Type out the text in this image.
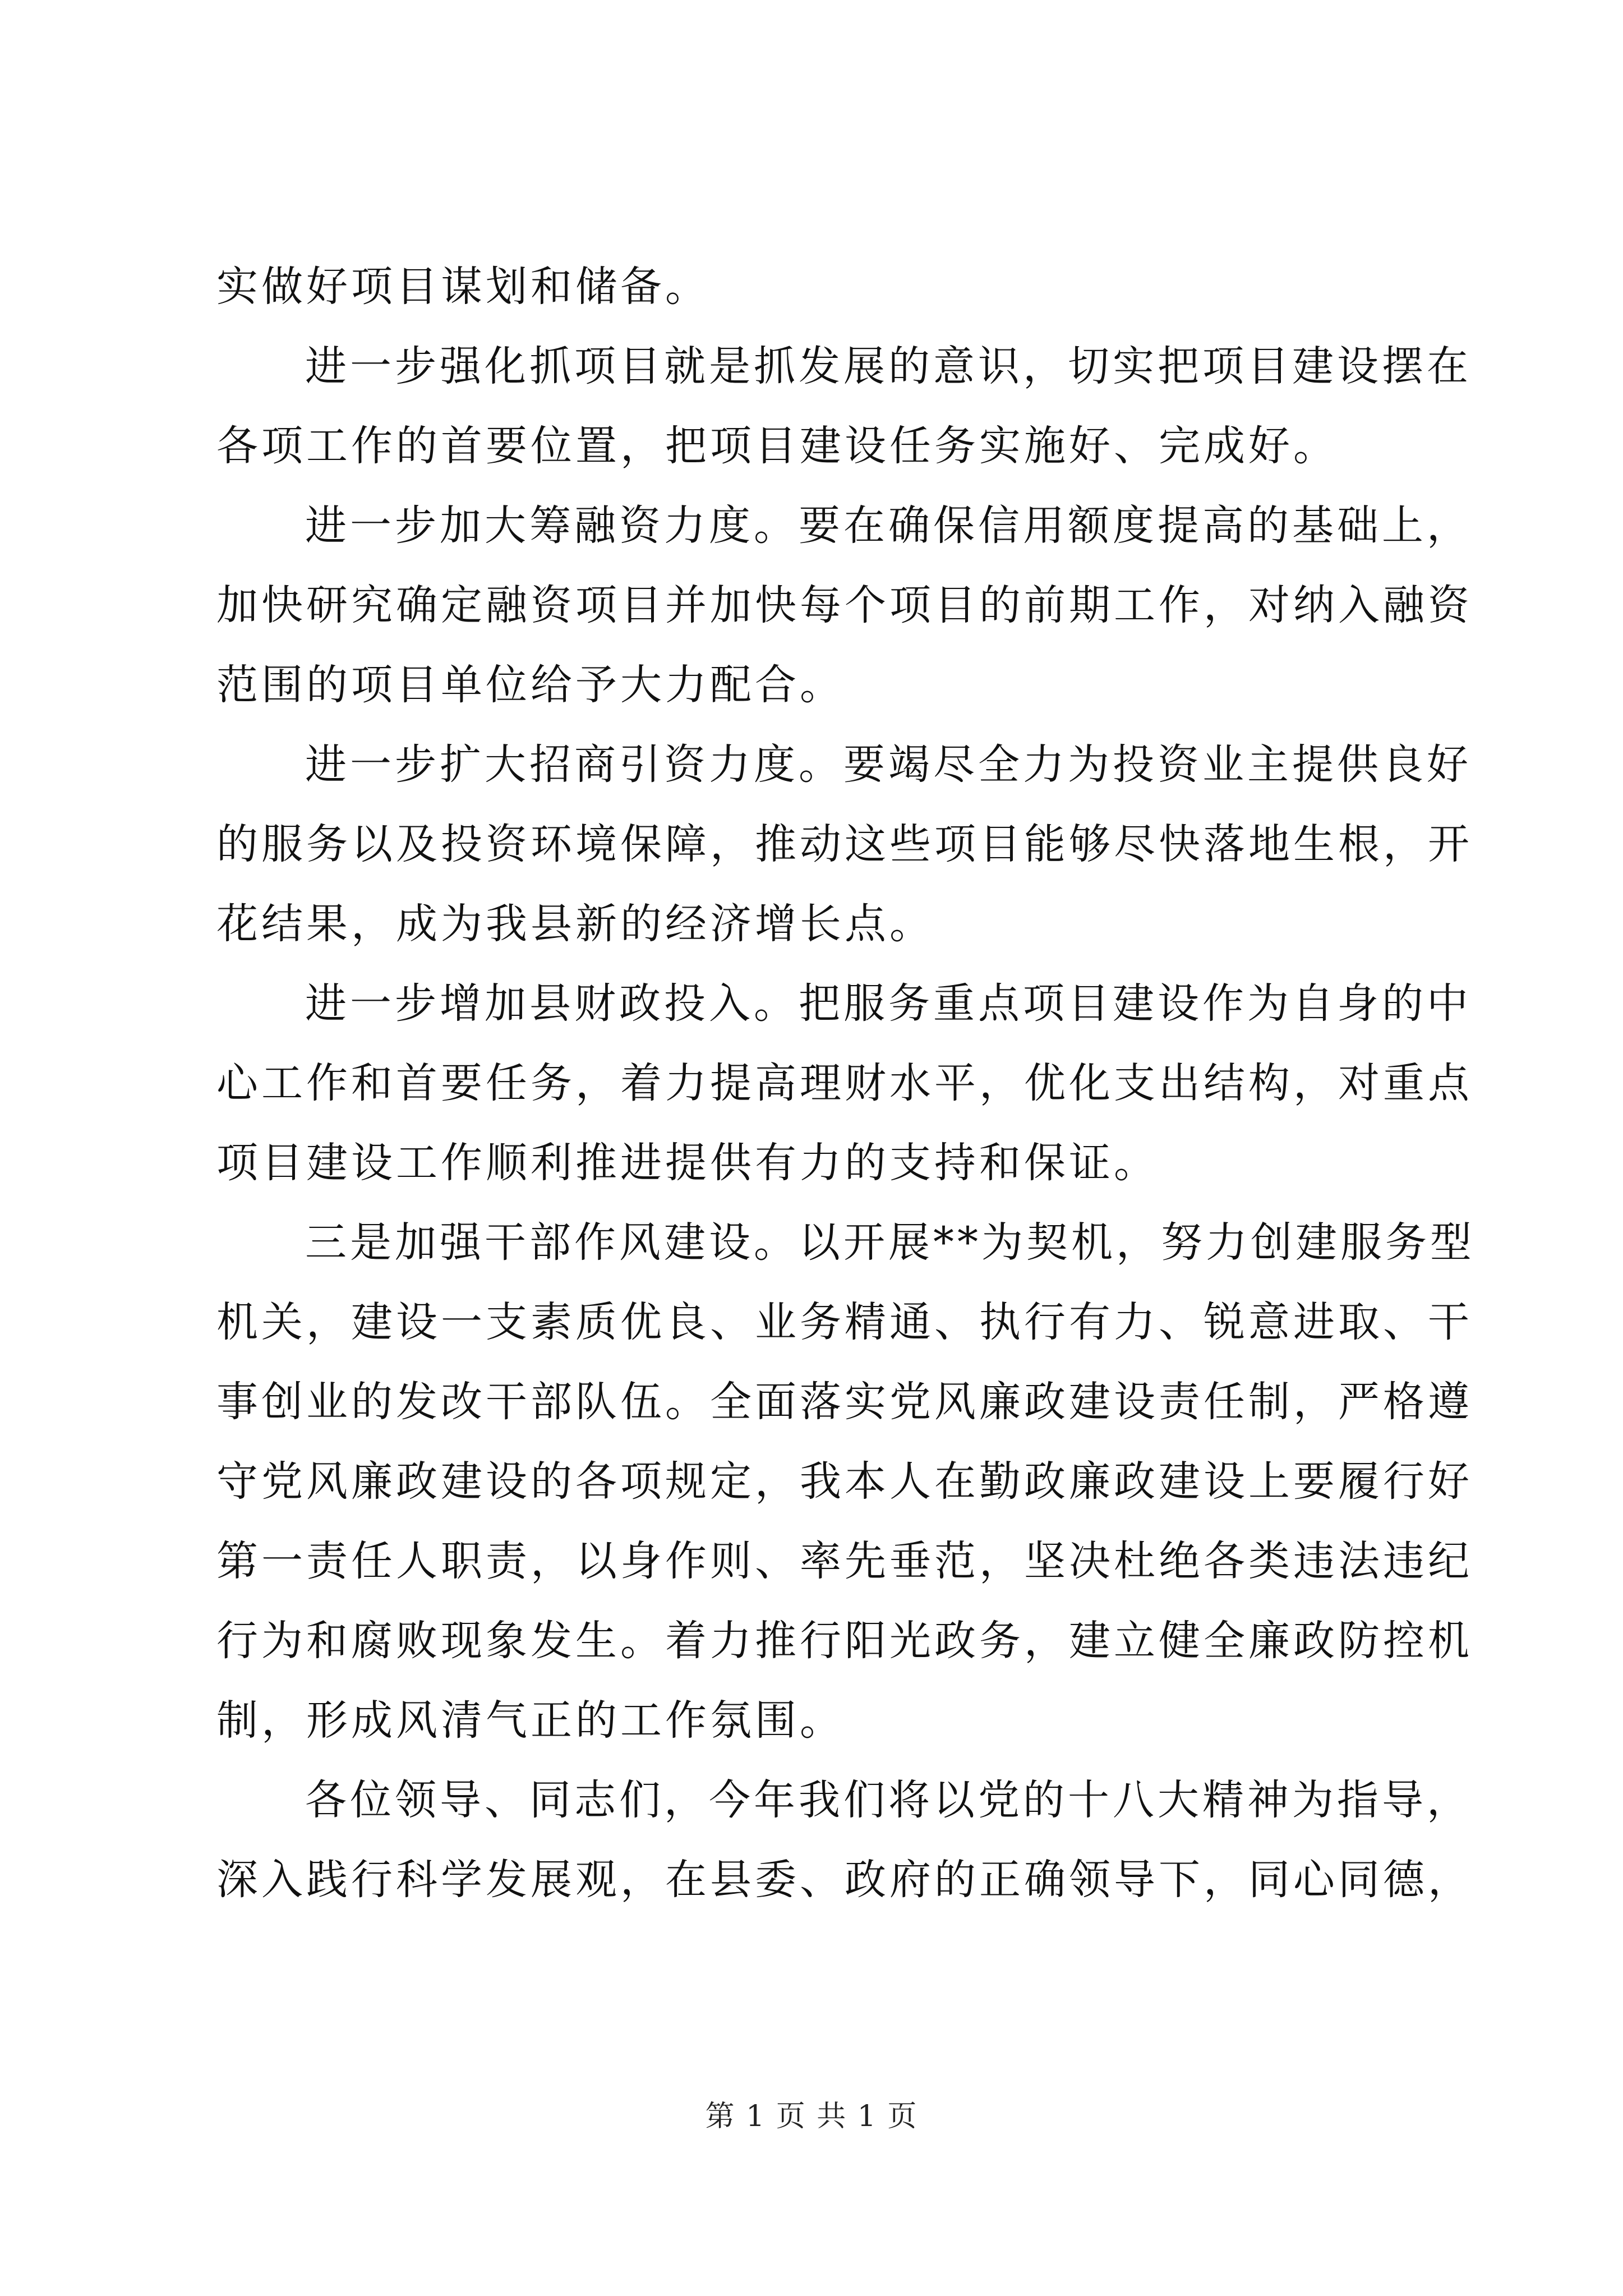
实做好项目谋划和储备。
进一步强化抓项目就是抓发展的意识，切实把项目建设摆在
各项工作的首要位置，把项目建设任务实施好、完成好。
进一步加大筹融资力度。要在确保信用额度提高的基础上，
加快研究确定融资项目并加快每个项目的前期工作，对纳入融资
范围的项目单位给予大力配合。
进一步扩大招商引资力度。要竭尽全力为投资业主提供良好
的服务以及投资环境保障，推动这些项目能够尽快落地生根，开
花结果，成为我县新的经济增长点。
进一步增加县财政投入。把服务重点项目建设作为自身的中
心工作和首要任务，着力提高理财水平，优化支出结构，对重点
项目建设工作顺利推进提供有力的支持和保证。
三是加强干部作风建设。以开展**为契机，努力创建服务型
机关，建设一支素质优良、业务精通、执行有力、锐意进取、干
事创业的发改干部队伍。全面落实党风廉政建设责任制，严格遵
守党风廉政建设的各项规定，我本人在勤政廉政建设上要履行好
第一责任人职责，以身作则、率先垂范，坚决杜绝各类违法违纪
行为和腐败现象发生。着力推行阳光政务，建立健全廉政防控机
制，形成风清气正的工作氛围。
各位领导、同志们，今年我们将以党的十八大精神为指导，
深入践行科学发展观，在县委、政府的正确领导下，同心同德，
第 1 页 共 1 页
